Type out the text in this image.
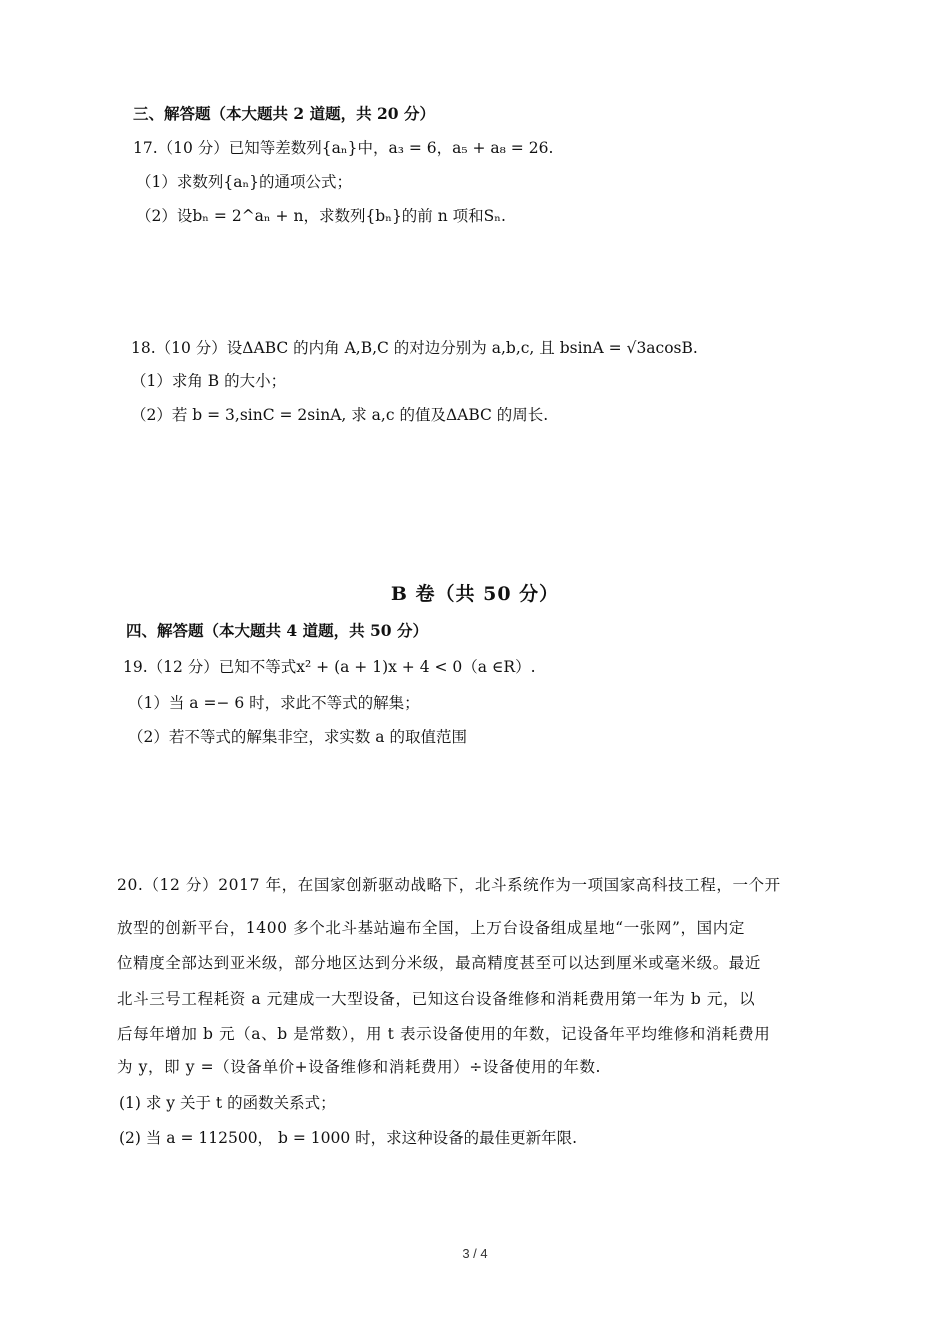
三、解答题（本大题共 2 道题，共 20 分）
17.（10 分）已知等差数列{aₙ}中，a₃ = 6，a₅ + a₈ = 26.
（1）求数列{aₙ}的通项公式；
（2）设bₙ = 2^aₙ + n，求数列{bₙ}的前 n 项和Sₙ.
18.（10 分）设ΔABC 的内角 A,B,C 的对边分别为 a,b,c, 且 bsinA = √3acosB.
（1）求角 B 的大小；
（2）若 b = 3,sinC = 2sinA, 求 a,c 的值及ΔABC 的周长.
B 卷（共 50 分）
四、解答题（本大题共 4 道题，共 50 分）
19.（12 分）已知不等式x² + (a + 1)x + 4 < 0（a ∈R）.
（1）当 a =− 6 时，求此不等式的解集；
（2）若不等式的解集非空，求实数 a 的取值范围
20.（12 分）2017 年，在国家创新驱动战略下，北斗系统作为一项国家高科技工程，一个开
放型的创新平台，1400 多个北斗基站遍布全国，上万台设备组成星地“一张网”，国内定
位精度全部达到亚米级，部分地区达到分米级，最高精度甚至可以达到厘米或毫米级。最近
北斗三号工程耗资 a 元建成一大型设备，已知这台设备维修和消耗费用第一年为 b 元，以
后每年增加 b 元（a、b 是常数），用 t 表示设备使用的年数，记设备年平均维修和消耗费用
为 y，即 y =（设备单价+设备维修和消耗费用）÷设备使用的年数.
(1) 求 y 关于 t 的函数关系式；
(2) 当 a = 112500， b = 1000 时，求这种设备的最佳更新年限.
3 / 4
